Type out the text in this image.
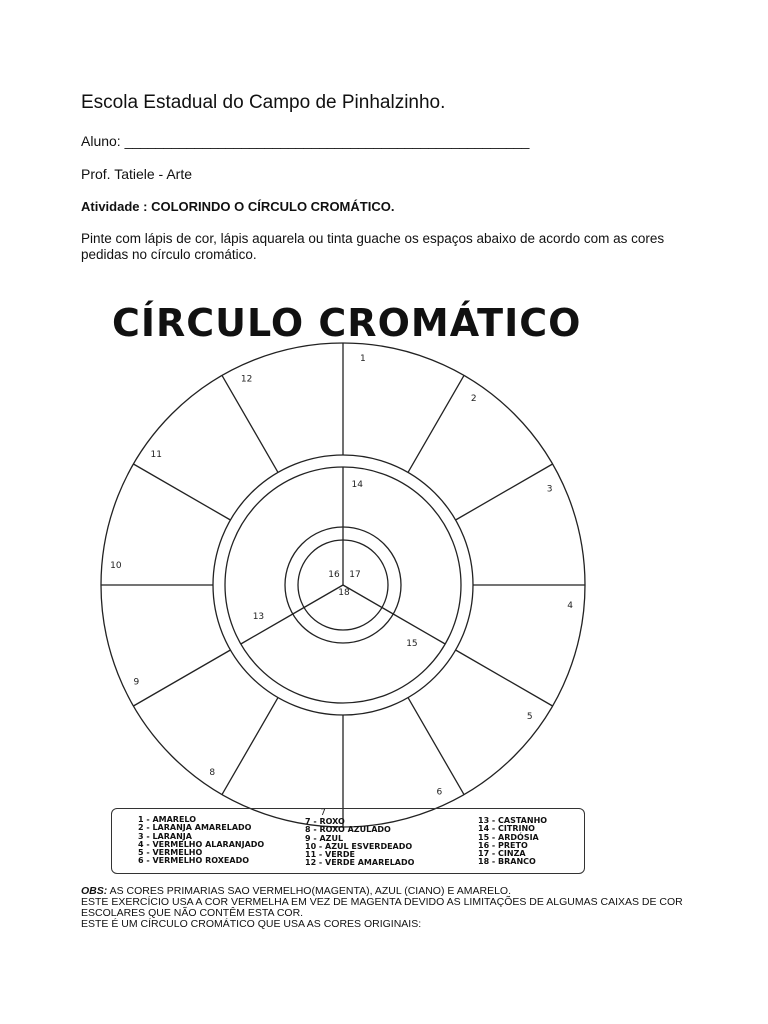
Escola Estadual do Campo de Pinhalzinho.
Aluno: ____________________________________________________
Prof. Tatiele - Arte
Atividade : COLORINDO O CÍRCULO CROMÁTICO.
Pinte com lápis de cor, lápis aquarela ou tinta guache os espaços abaixo de acordo com as cores pedidas no círculo cromático.
CÍRCULO CROMÁTICO
1
2
3
4
5
6
7
8
9
10
11
12
13
14
15
16 17
18
1 - AMARELO
2 - LARANJA AMARELADO
3 - LARANJA
4 - VERMELHO ALARANJADO
5 - VERMELHO
6 - VERMELHO ROXEADO
7 - ROXO
8 - ROXO AZULADO
9 - AZUL
10 - AZUL ESVERDEADO
11 - VERDE
12 - VERDE AMARELADO
13 - CASTANHO
14 - CITRINO
15 - ARDÓSIA
16 - PRETO
17 - CINZA
18 - BRANCO
OBS: AS CORES PRIMARIAS SAO VERMELHO(MAGENTA), AZUL (CIANO) E AMARELO.
ESTE EXERCÍCIO USA A COR VERMELHA EM VEZ DE MAGENTA DEVIDO AS LIMITAÇÕES DE ALGUMAS CAIXAS DE COR ESCOLARES QUE NÃO CONTÊM ESTA COR.
ESTE É UM CÍRCULO CROMÁTICO QUE USA AS CORES ORIGINAIS:
